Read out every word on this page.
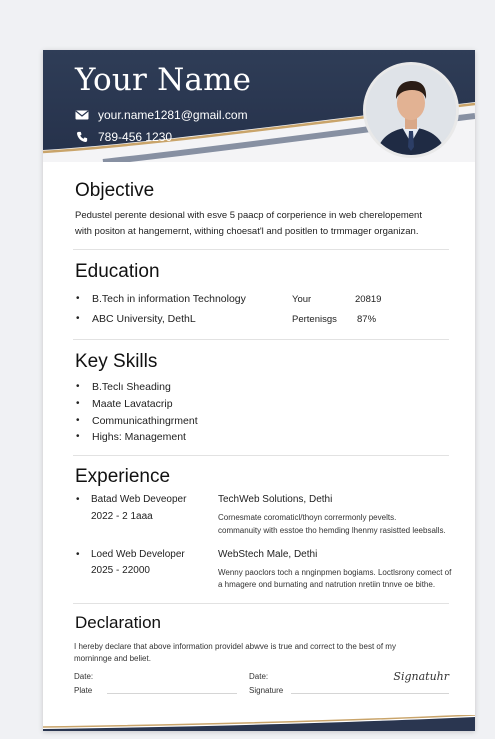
Your Name
your.name1281@gmail.com
789-456 1230
Objective
Pedustel perente desional with esve 5 paacp of corperience in web cherelopement
with positon at hangemernt, withing choesat'l and positlen to trmmager organizan.
Education
• B.Tech in information Technology	Your	20819
• ABC University, DethL	Pertenisgs 87%
Key Skills
• B.Teclı Sheading
• Maate Lavatacrip
• Communicathingrment
• Highs: Management
Experience
• Batad Web Deveoper
2022 - 2 1aaa
TechWeb Solutions, Dethi
Cornesmate coromaticl/thoyn corrermonly pevelts.
commanuity with esstoe tho hemding lhenmy rasistted leebsalls.
• Loed Web Developer
2025 - 22000
WebStech Male, Dethi
Wenny paoclors toch a nnginpmen bogiams. Loctlsrony comect of
a hmagere ond burnating and natrution nretiin tnnve oe bithe.
Declaration
I hereby declare that above information providel abwve is true and correct to the best of my
morninnge and beliet.
Date:
Plate
Date:
Signature
Signatuhr
